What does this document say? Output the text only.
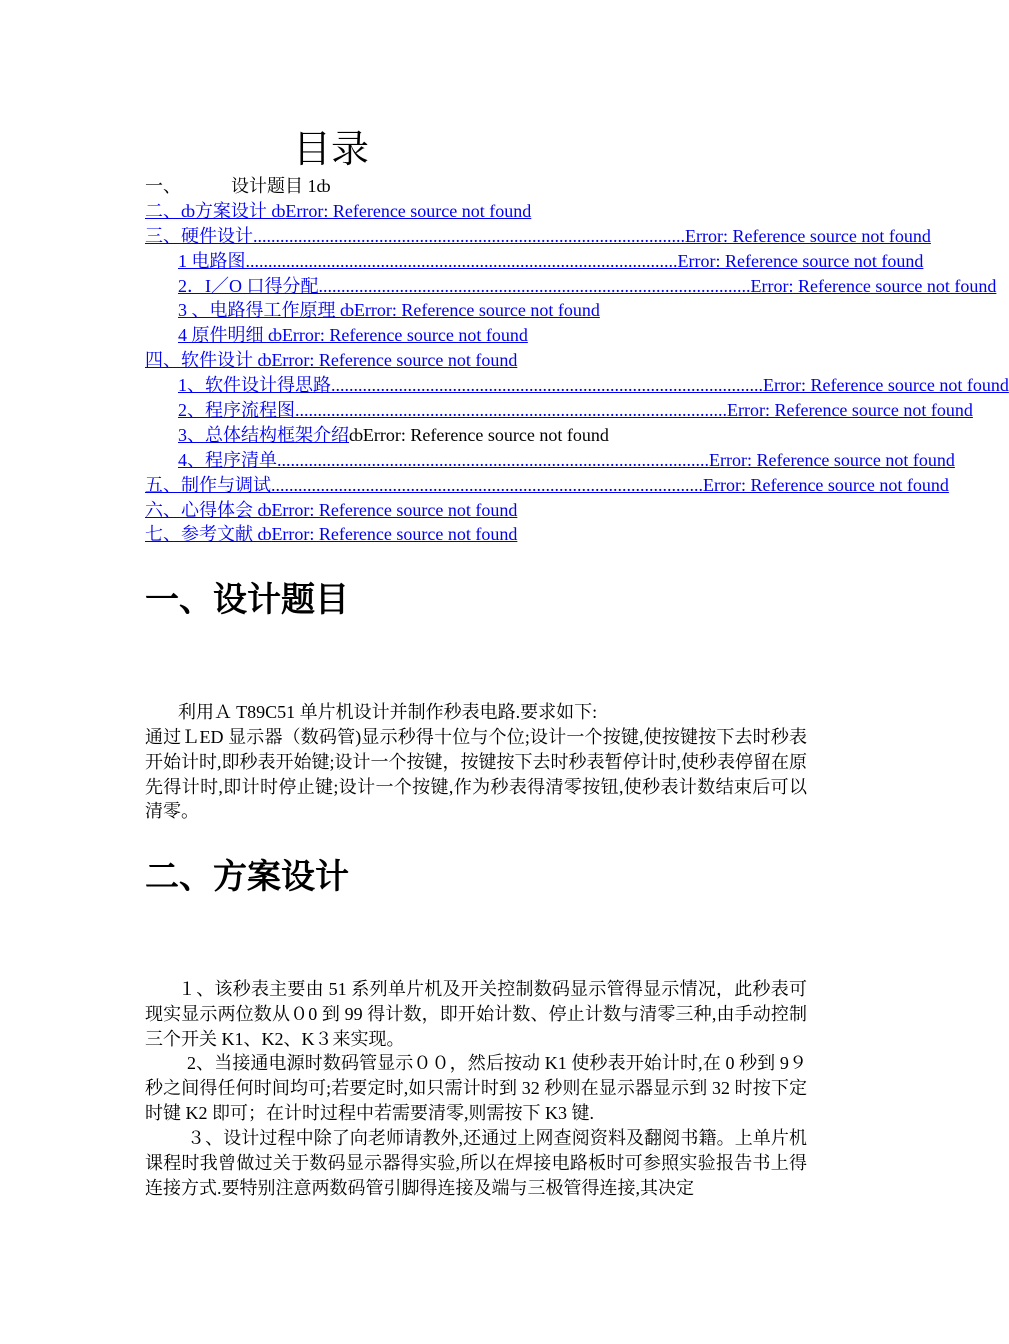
目录
一、	设计题目 1 ȸ
二、ȸ方案设计 ȸ Error: Reference source not found
三、硬件设计 ................................................................................................ Error: Reference source not found
1 电路图 ................................................................................................ Error: Reference source not found
2．I／O 口得分配 ................................................................................................ Error: Reference source not found
3 、电路得工作原理 ȸ Error: Reference source not found
4 原件明细 ȸ Error: Reference source not found
四、软件设计 ȸ Error: Reference source not found
1、软件设计得思路 ................................................................................................ Error: Reference source not found
2、程序流程图 ................................................................................................ Error: Reference source not found
3、总体结构框架介绍 ȸError: Reference source not found
4、程序清单 ................................................................................................ Error: Reference source not found
五、制作与调试 ................................................................................................ Error: Reference source not found
六、心得体会 ȸ Error: Reference source not found
七、参考文献 ȸ Error: Reference source not found
一、设计题目

利用Ａ T89C51 单片机设计并制作秒表电路.要求如下:

通过ＬED 显示器（数码管)显示秒得十位与个位;设计一个按键,使按键按下去时秒表开始计时,即秒表开始键;设计一个按键，按键按下去时秒表暂停计时,使秒表停留在原先得计时,即计时停止键;设计一个按键,作为秒表得清零按钮,使秒表计数结束后可以清零。

二、方案设计

１、该秒表主要由 51 系列单片机及开关控制数码显示管得显示情况，此秒表可现实显示两位数从０0 到 99 得计数，即开始计数、停止计数与清零三种,由手动控制三个开关 K1、K2、K３来实现。

2、当接通电源时数码管显示００，然后按动 K1 使秒表开始计时,在 0 秒到 9９秒之间得任何时间均可;若要定时,如只需计时到 32 秒则在显示器显示到 32 时按下定时键 K2 即可；在计时过程中若需要清零,则需按下 K3 键.

３、设计过程中除了向老师请教外,还通过上网查阅资料及翻阅书籍。上单片机课程时我曾做过关于数码显示器得实验,所以在焊接电路板时可参照实验报告书上得连接方式.要特别注意两数码管引脚得连接及端与三极管得连接,其决定
